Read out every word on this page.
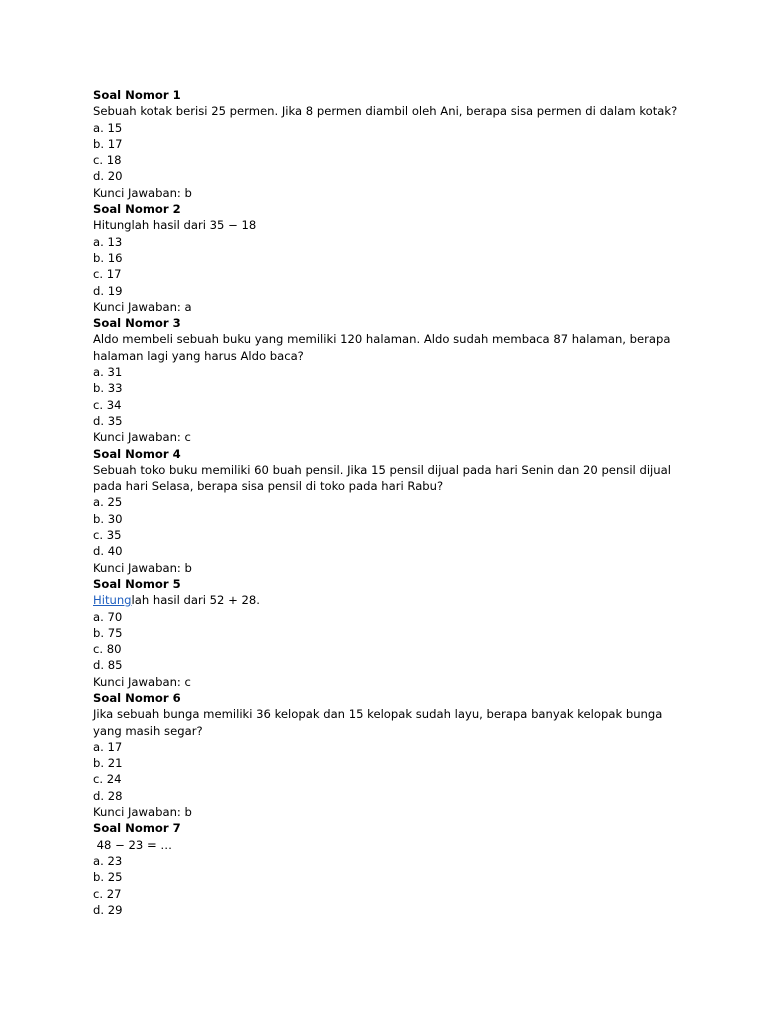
Soal Nomor 1
Sebuah kotak berisi 25 permen. Jika 8 permen diambil oleh Ani, berapa sisa permen di dalam kotak?
a. 15
b. 17
c. 18
d. 20
Kunci Jawaban: b
Soal Nomor 2
Hitunglah hasil dari 35 − 18
a. 13
b. 16
c. 17
d. 19
Kunci Jawaban: a
Soal Nomor 3
Aldo membeli sebuah buku yang memiliki 120 halaman. Aldo sudah membaca 87 halaman, berapa halaman lagi yang harus Aldo baca?
a. 31
b. 33
c. 34
d. 35
Kunci Jawaban: c
Soal Nomor 4
Sebuah toko buku memiliki 60 buah pensil. Jika 15 pensil dijual pada hari Senin dan 20 pensil dijual pada hari Selasa, berapa sisa pensil di toko pada hari Rabu?
a. 25
b. 30
c. 35
d. 40
Kunci Jawaban: b
Soal Nomor 5
Hitunglah hasil dari 52 + 28.
a. 70
b. 75
c. 80
d. 85
Kunci Jawaban: c
Soal Nomor 6
Jika sebuah bunga memiliki 36 kelopak dan 15 kelopak sudah layu, berapa banyak kelopak bunga yang masih segar?
a. 17
b. 21
c. 24
d. 28
Kunci Jawaban: b
Soal Nomor 7
48 − 23 = …
a. 23
b. 25
c. 27
d. 29
